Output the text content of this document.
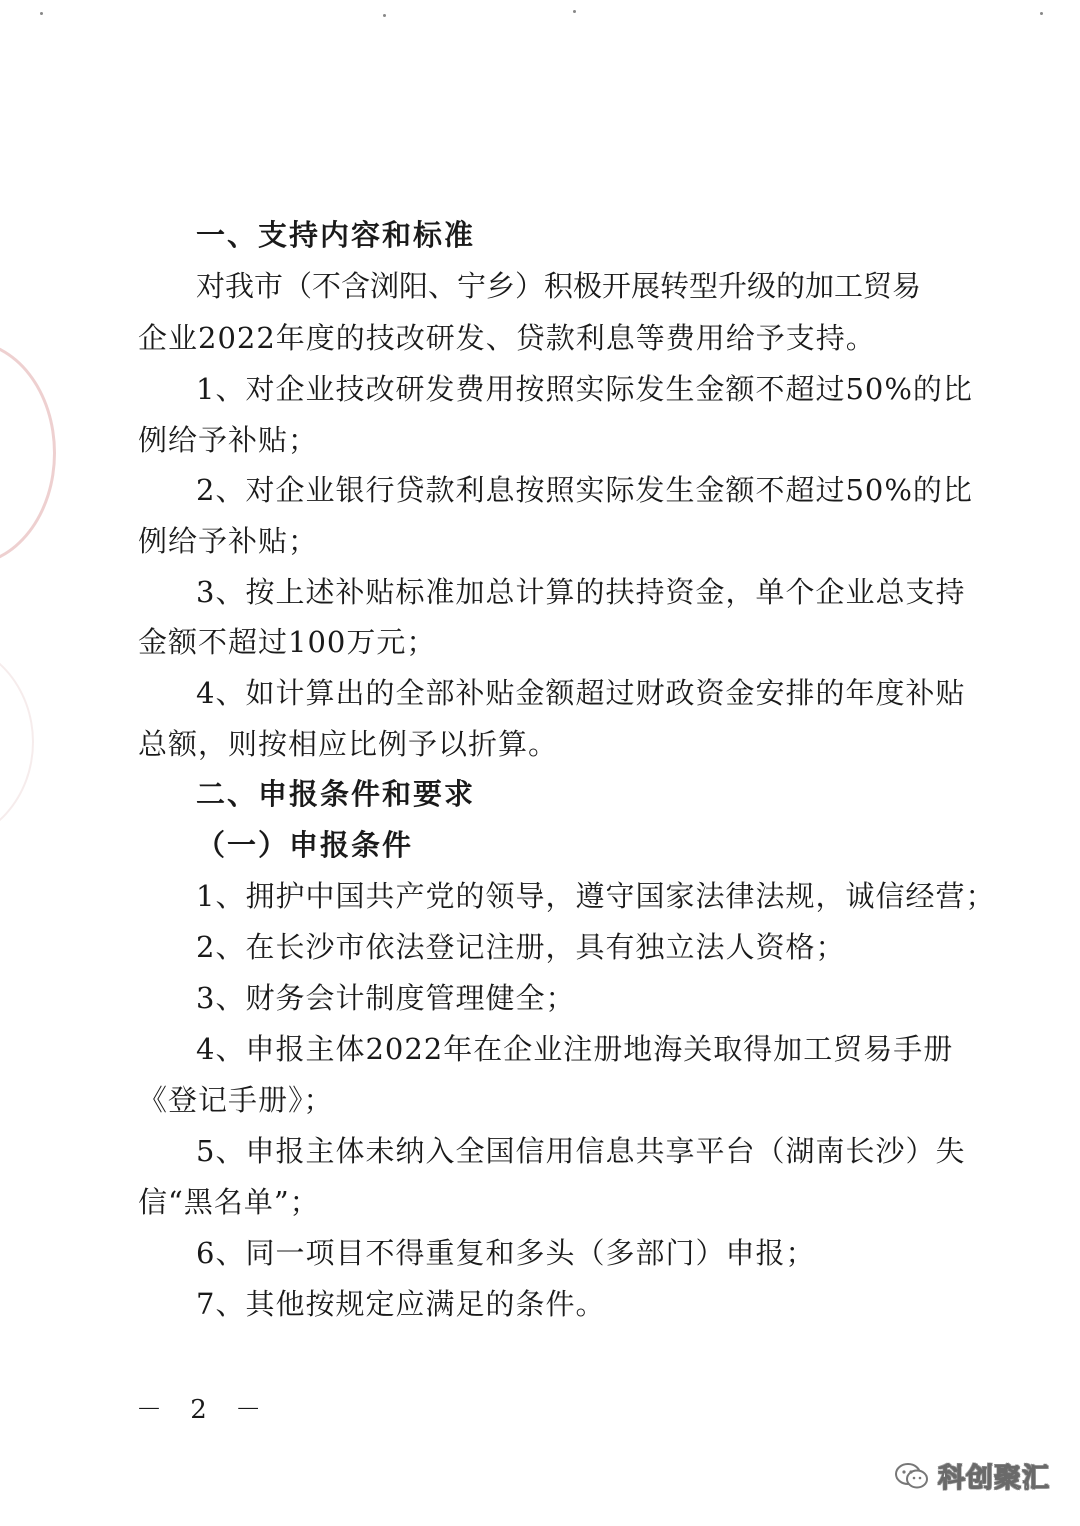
一、支持内容和标准
对我市（不含浏阳、宁乡）积极开展转型升级的加工贸易
企业2022年度的技改研发、贷款利息等费用给予支持。
1、对企业技改研发费用按照实际发生金额不超过50%的比
例给予补贴；
2、对企业银行贷款利息按照实际发生金额不超过50%的比
例给予补贴；
3、按上述补贴标准加总计算的扶持资金，单个企业总支持
金额不超过100万元；
4、如计算出的全部补贴金额超过财政资金安排的年度补贴
总额，则按相应比例予以折算。
二、申报条件和要求
（一）申报条件
1、拥护中国共产党的领导，遵守国家法律法规，诚信经营；
2、在长沙市依法登记注册，具有独立法人资格；
3、财务会计制度管理健全；
4、申报主体2022年在企业注册地海关取得加工贸易手册
《登记手册》；
5、申报主体未纳入全国信用信息共享平台（湖南长沙）失
信“黑名单”；
6、同一项目不得重复和多头（多部门）申报；
7、其他按规定应满足的条件。
－ 2 －
科创聚汇
